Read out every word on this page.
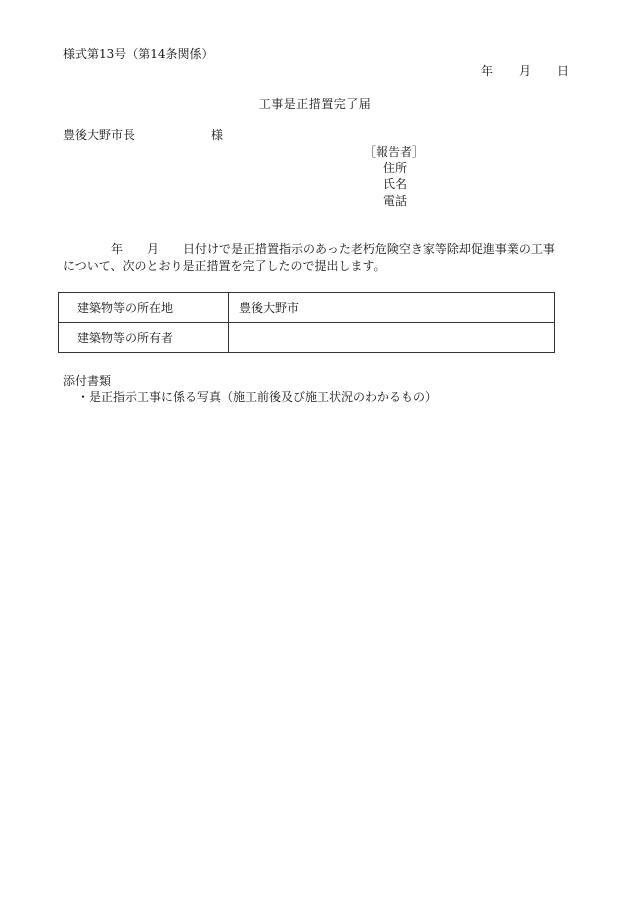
様式第13号（第14条関係）
年 月 日
工事是正措置完了届
豊後大野市長	様
［報告者］
住所
氏名
電話
　　　　年　　月　　日付けで是正措置指示のあった老朽危険空き家等除却促進事業の工事
について、次のとおり是正措置を完了したので提出します。
建築物等の所在地	豊後大野市
建築物等の所有者	
添付書類
・是正指示工事に係る写真（施工前後及び施工状況のわかるもの）
